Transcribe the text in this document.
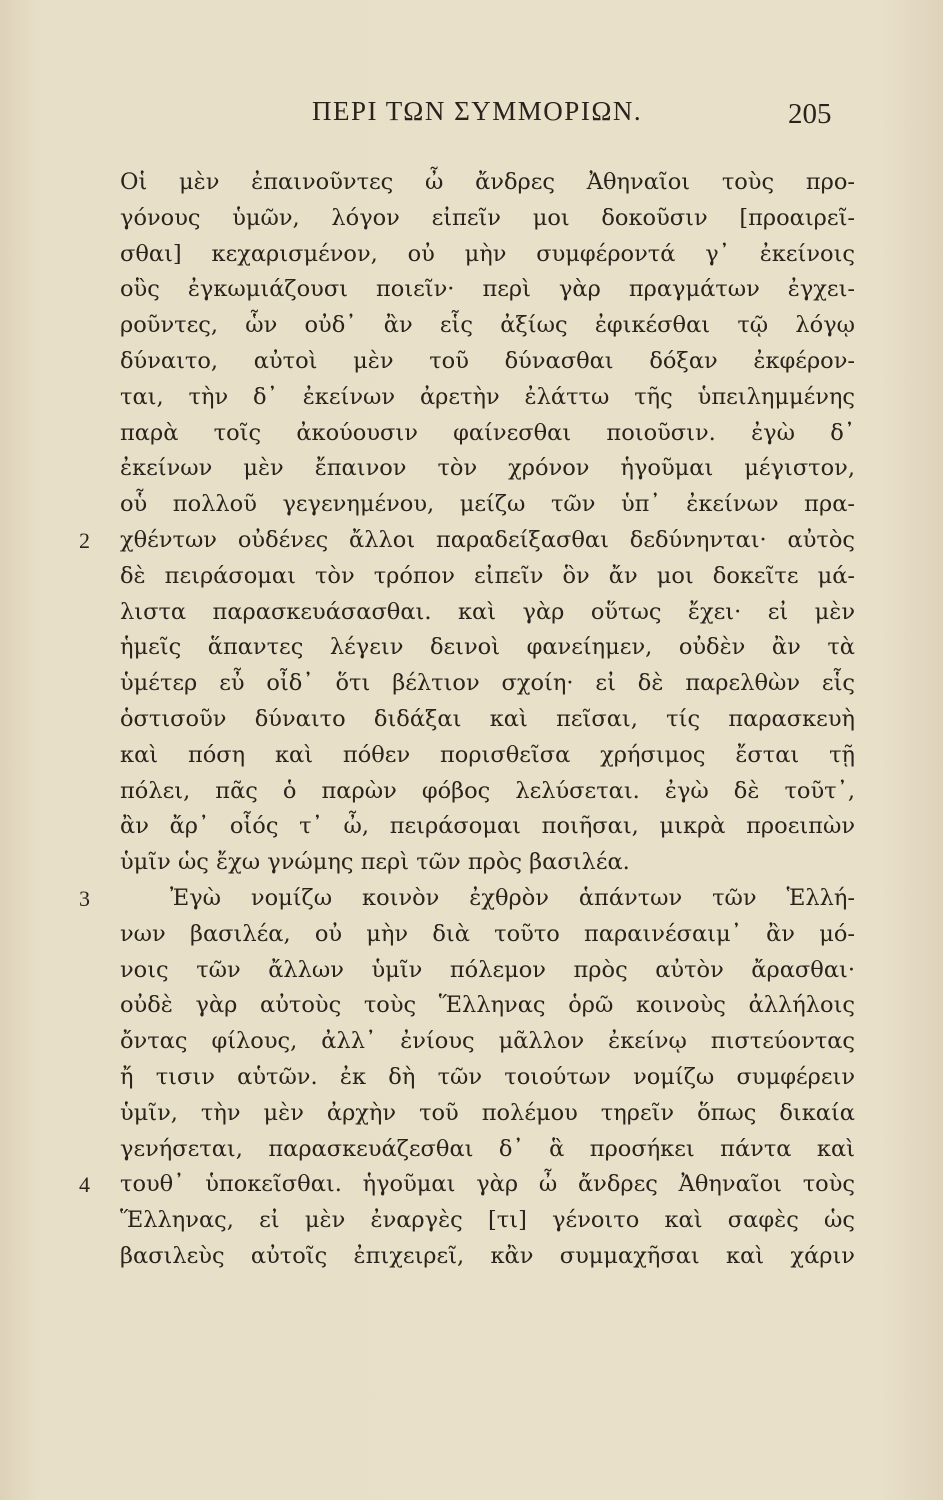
ΠΕΡΙ ΤΩΝ ΣΥΜΜΟΡΙΩΝ.	205
Οἱ μὲν ἐπαινοῦντες ὦ ἄνδρες Ἀθηναῖοι τοὺς προ-
γόνους ὑμῶν, λόγον εἰπεῖν μοι δοκοῦσιν [προαιρεῖ-
σθαι] κεχαρισμένον, οὐ μὴν συμφέροντά γ᾽ ἐκείνοις
οὓς ἐγκωμιάζουσι ποιεῖν· περὶ γὰρ πραγμάτων ἐγχει-
ροῦντες, ὧν οὐδ᾽ ἂν εἷς ἀξίως ἐφικέσθαι τῷ λόγῳ
δύναιτο, αὐτοὶ μὲν τοῦ δύνασθαι δόξαν ἐκφέρον-
ται, τὴν δ᾽ ἐκείνων ἀρετὴν ἐλάττω τῆς ὑπειλημμένης
παρὰ τοῖς ἀκούουσιν φαίνεσθαι ποιοῦσιν. ἐγὼ δ᾽
ἐκείνων μὲν ἔπαινον τὸν χρόνον ἡγοῦμαι μέγιστον,
οὗ πολλοῦ γεγενημένου, μείζω τῶν ὑπ᾽ ἐκείνων πρα-
2 χθέντων οὐδένες ἄλλοι παραδείξασθαι δεδύνηνται· αὐτὸς
δὲ πειράσομαι τὸν τρόπον εἰπεῖν ὃν ἄν μοι δοκεῖτε μά-
λιστα παρασκευάσασθαι. καὶ γὰρ οὕτως ἔχει· εἰ μὲν
ἡμεῖς ἅπαντες λέγειν δεινοὶ φανείημεν, οὐδὲν ἂν τὰ
ὑμέτερ εὖ οἶδ᾽ ὅτι βέλτιον σχοίη· εἰ δὲ παρελθὼν εἷς
ὁστισοῦν δύναιτο διδάξαι καὶ πεῖσαι, τίς παρασκευὴ
καὶ πόση καὶ πόθεν πορισθεῖσα χρήσιμος ἔσται τῇ
πόλει, πᾶς ὁ παρὼν φόβος λελύσεται. ἐγὼ δὲ τοῦτ᾽,
ἂν ἄρ᾽ οἷός τ᾽ ὦ, πειράσομαι ποιῆσαι, μικρὰ προειπὼν
ὑμῖν ὡς ἔχω γνώμης περὶ τῶν πρὸς βασιλέα.
3	Ἐγὼ νομίζω κοινὸν ἐχθρὸν ἁπάντων τῶν Ἑλλή-
νων βασιλέα, οὐ μὴν διὰ τοῦτο παραινέσαιμ᾽ ἂν μό-
νοις τῶν ἄλλων ὑμῖν πόλεμον πρὸς αὐτὸν ἄρασθαι·
οὐδὲ γὰρ αὐτοὺς τοὺς Ἕλληνας ὁρῶ κοινοὺς ἀλλήλοις
ὄντας φίλους, ἀλλ᾽ ἐνίους μᾶλλον ἐκείνῳ πιστεύοντας
ἤ τισιν αὑτῶν. ἐκ δὴ τῶν τοιούτων νομίζω συμφέρειν
ὑμῖν, τὴν μὲν ἀρχὴν τοῦ πολέμου τηρεῖν ὅπως δικαία
γενήσεται, παρασκευάζεσθαι δ᾽ ἃ προσήκει πάντα καὶ
4 τουθ᾽ ὑποκεῖσθαι. ἡγοῦμαι γὰρ ὦ ἄνδρες Ἀθηναῖοι τοὺς
Ἕλληνας, εἰ μὲν ἐναργὲς [τι] γένοιτο καὶ σαφὲς ὡς
βασιλεὺς αὐτοῖς ἐπιχειρεῖ, κἂν συμμαχῆσαι καὶ χάριν
